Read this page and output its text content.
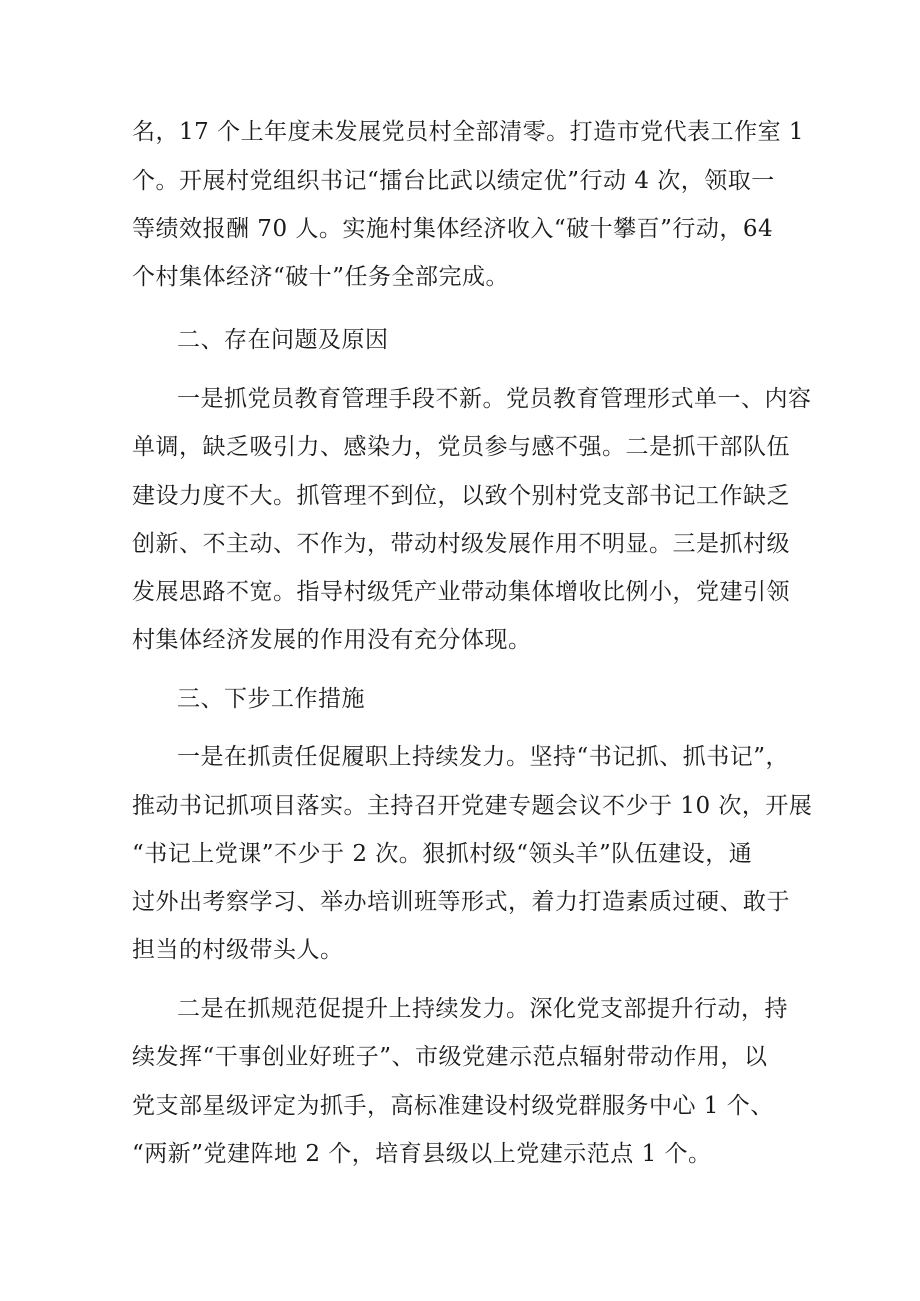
名，17 个上年度未发展党员村全部清零。打造市党代表工作室 1

个。开展村党组织书记“擂台比武以绩定优”行动 4 次，领取一

等绩效报酬 70 人。实施村集体经济收入“破十攀百”行动，64

个村集体经济“破十”任务全部完成。

二、存在问题及原因

一是抓党员教育管理手段不新。党员教育管理形式单一、内容

单调，缺乏吸引力、感染力，党员参与感不强。二是抓干部队伍

建设力度不大。抓管理不到位，以致个别村党支部书记工作缺乏

创新、不主动、不作为，带动村级发展作用不明显。三是抓村级

发展思路不宽。指导村级凭产业带动集体增收比例小，党建引领

村集体经济发展的作用没有充分体现。

三、下步工作措施

一是在抓责任促履职上持续发力。坚持“书记抓、抓书记”，

推动书记抓项目落实。主持召开党建专题会议不少于 10 次，开展

“书记上党课”不少于 2 次。狠抓村级“领头羊”队伍建设，通

过外出考察学习、举办培训班等形式，着力打造素质过硬、敢于

担当的村级带头人。

二是在抓规范促提升上持续发力。深化党支部提升行动，持

续发挥“干事创业好班子”、市级党建示范点辐射带动作用，以

党支部星级评定为抓手，高标准建设村级党群服务中心 1 个、

“两新”党建阵地 2 个，培育县级以上党建示范点 1 个。
